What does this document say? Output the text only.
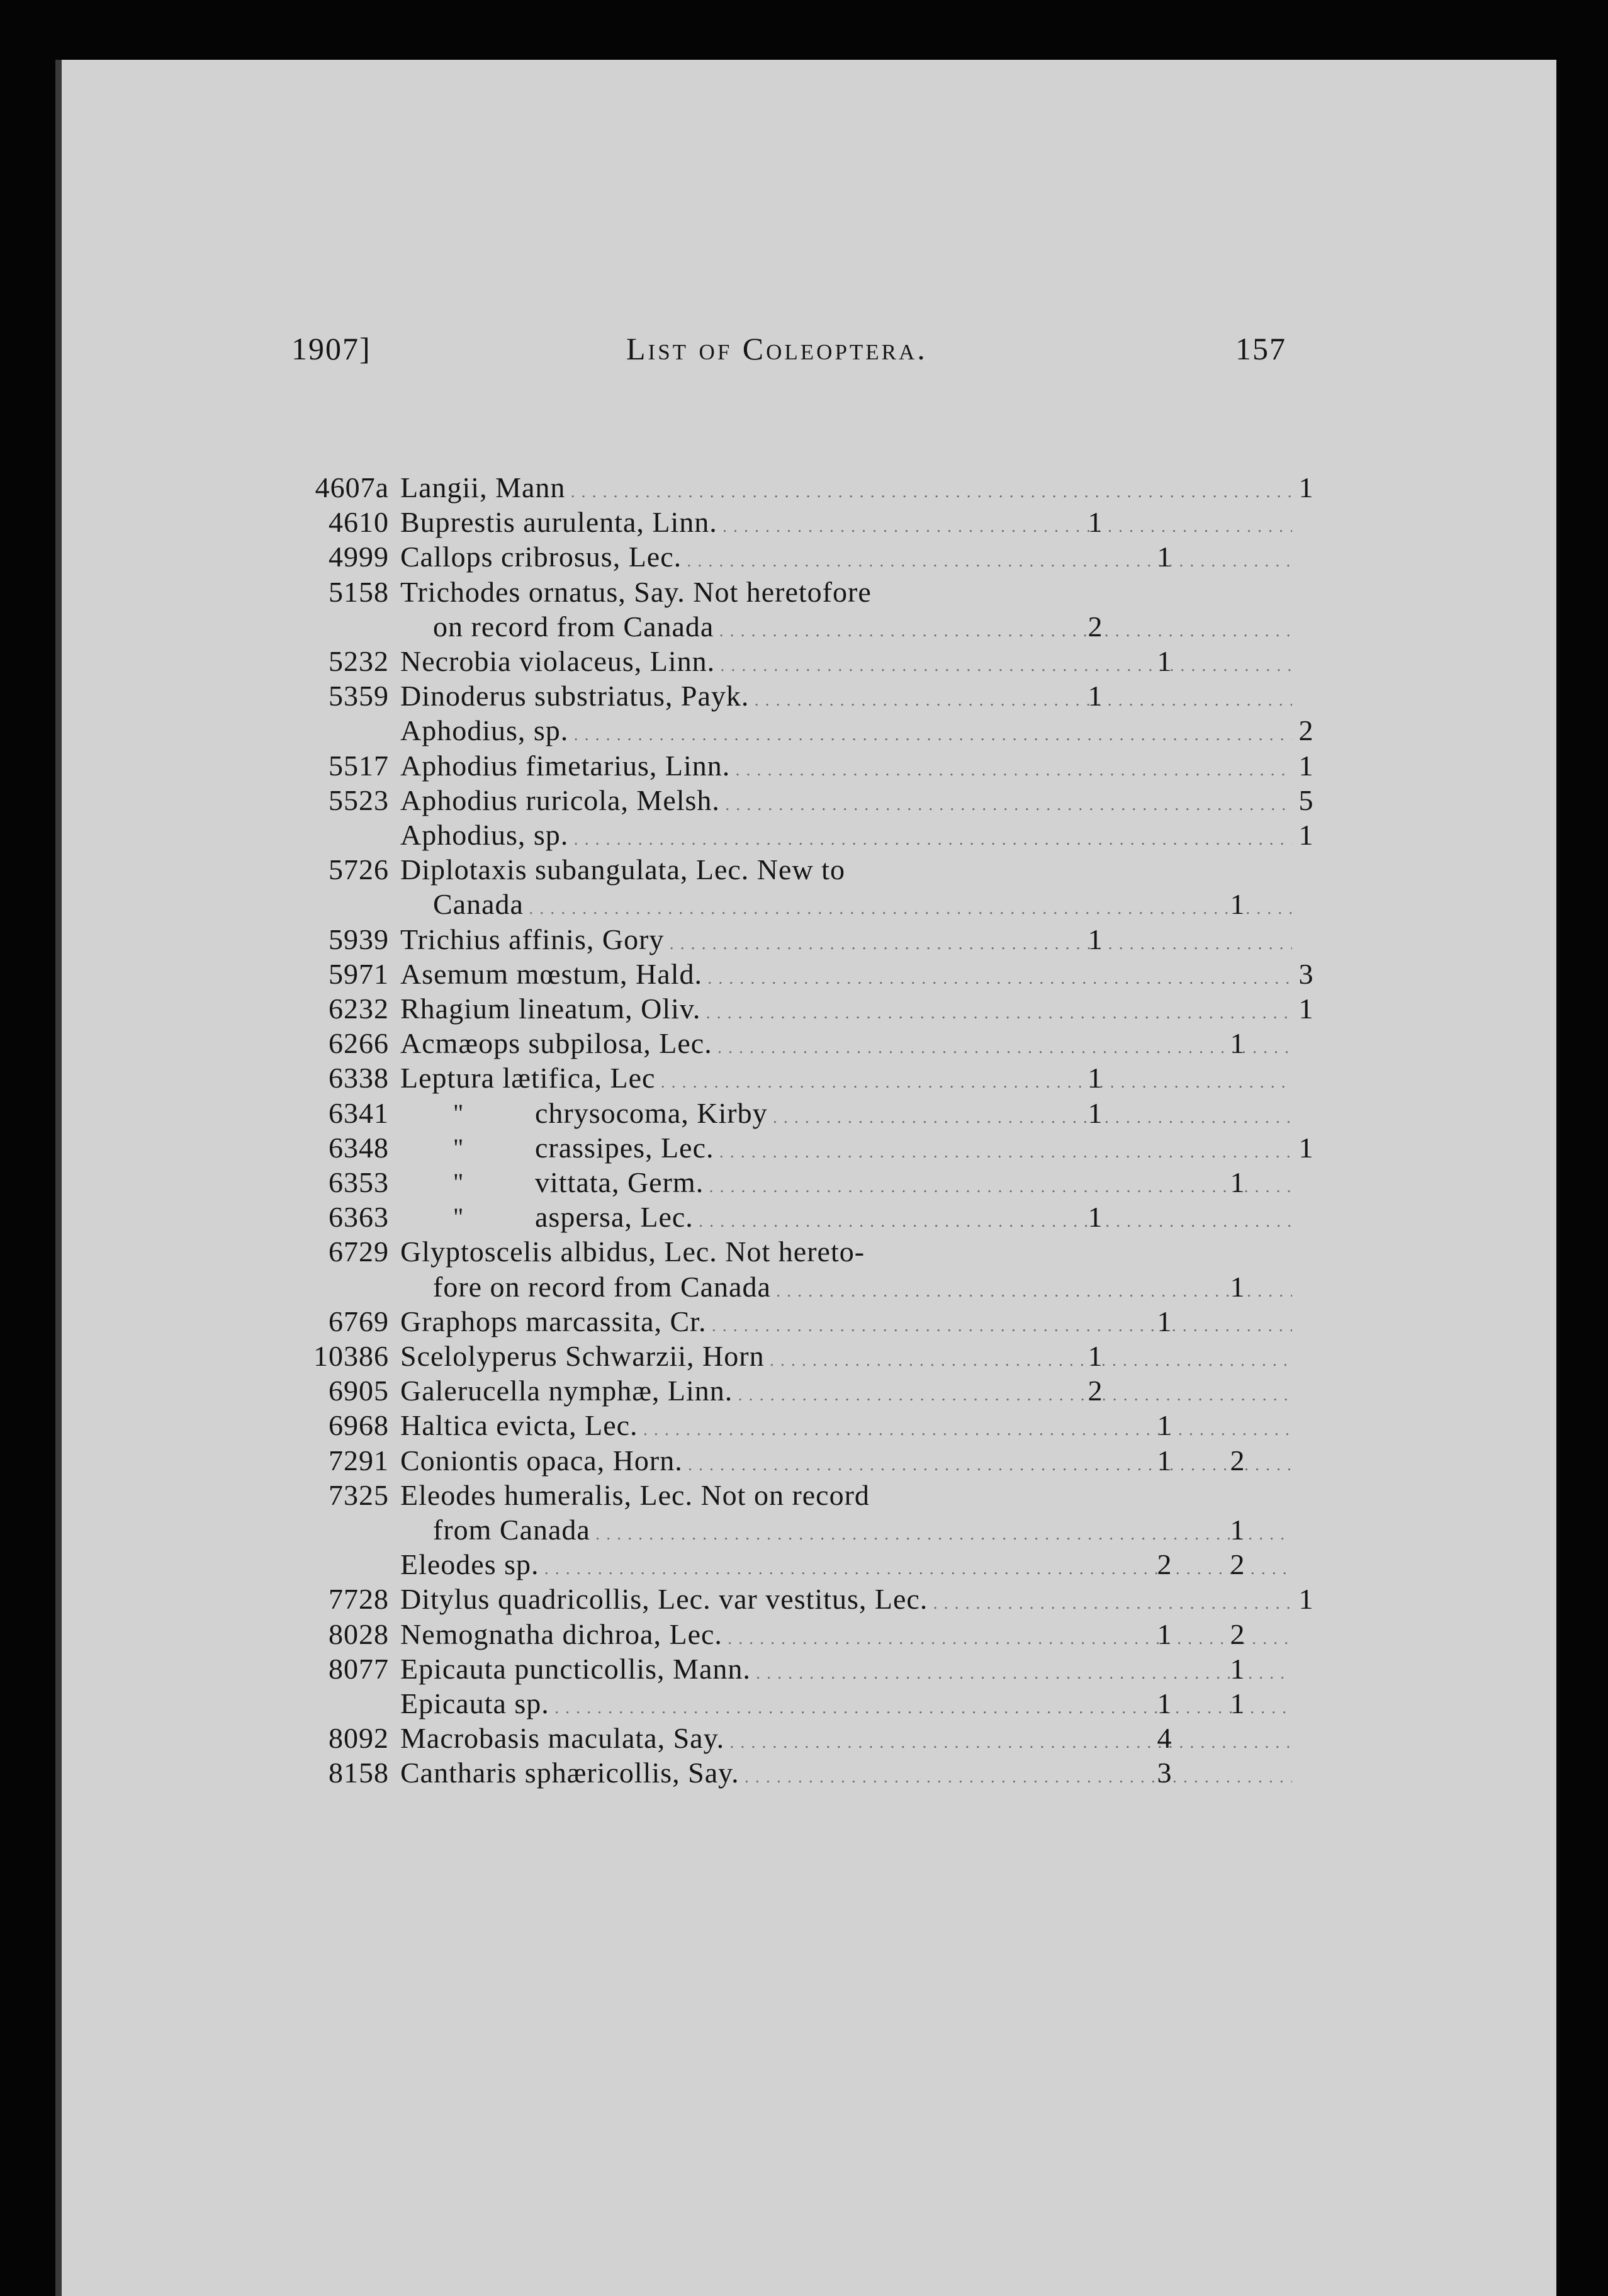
1907]	List of Coleoptera.	157
4607a Langii, Mann . . .	1
4610 Buprestis aurulenta, Linn. . . .	1
4999 Callops cribrosus, Lec. . . .	1
5158 Trichodes ornatus, Say. Not heretofore
on record from Canada . . .	2
5232 Necrobia violaceus, Linn. . . .	1
5359 Dinoderus substriatus, Payk. . . .	1
Aphodius, sp. . . .	2
5517 Aphodius fimetarius, Linn. . . .	1
5523 Aphodius ruricola, Melsh. . . .	5
Aphodius, sp. . . .	1
5726 Diplotaxis subangulata, Lec. New to
Canada . . .	1
5939 Trichius affinis, Gory . . .	1
5971 Asemum mœstum, Hald. . . .	3
6232 Rhagium lineatum, Oliv. . . .	1
6266 Acmæops subpilosa, Lec. . . .	1
6338 Leptura lætifica, Lec . . .	1
6341	" chrysocoma, Kirby . . .	1
6348	" crassipes, Lec. . . .	1
6353	" vittata, Germ. . . .	1
6363	" aspersa, Lec. . . .	1
6729 Glyptoscelis albidus, Lec. Not hereto-
fore on record from Canada . . .	1
6769 Graphops marcassita, Cr. . . .	1
10386 Scelolyperus Schwarzii, Horn . . .	1
6905 Galerucella nymphæ, Linn. . . .	2
6968 Haltica evicta, Lec. . . .	1
7291 Coniontis opaca, Horn. . . .	1	2
7325 Eleodes humeralis, Lec. Not on record
from Canada . . .	1
Eleodes sp. . . .	2	2
7728 Ditylus quadricollis, Lec. var vestitus, Lec. . . .	1
8028 Nemognatha dichroa, Lec. . . .	1	2
8077 Epicauta puncticollis, Mann. . . .	1
Epicauta sp. . . .	1	1
8092 Macrobasis maculata, Say. . . .	4
8158 Cantharis sphæricollis, Say. . . .	3
